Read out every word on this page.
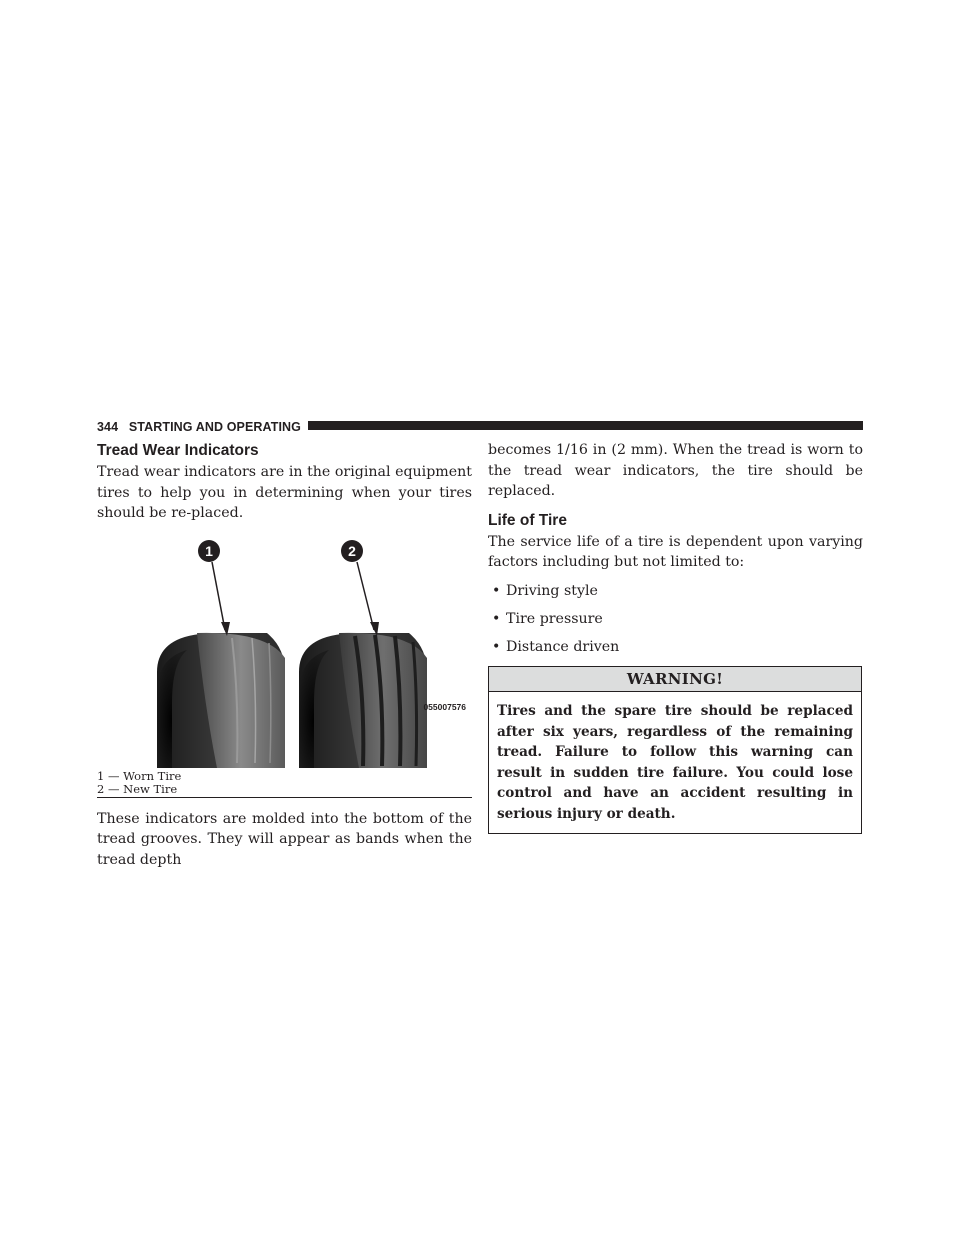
344 STARTING AND OPERATING
Tread Wear Indicators

Tread wear indicators are in the original equipment tires to help you in determining when your tires should be re-placed.

1	2
055007576
1 — Worn Tire
2 — New Tire

These indicators are molded into the bottom of the tread grooves. They will appear as bands when the tread depth

becomes 1/16 in (2 mm). When the tread is worn to the tread wear indicators, the tire should be replaced.

Life of Tire

The service life of a tire is dependent upon varying factors including but not limited to:

• Driving style
• Tire pressure
• Distance driven
WARNING!
Tires and the spare tire should be replaced after six years, regardless of the remaining tread. Failure to follow this warning can result in sudden tire failure. You could lose control and have an accident resulting in serious injury or death.
